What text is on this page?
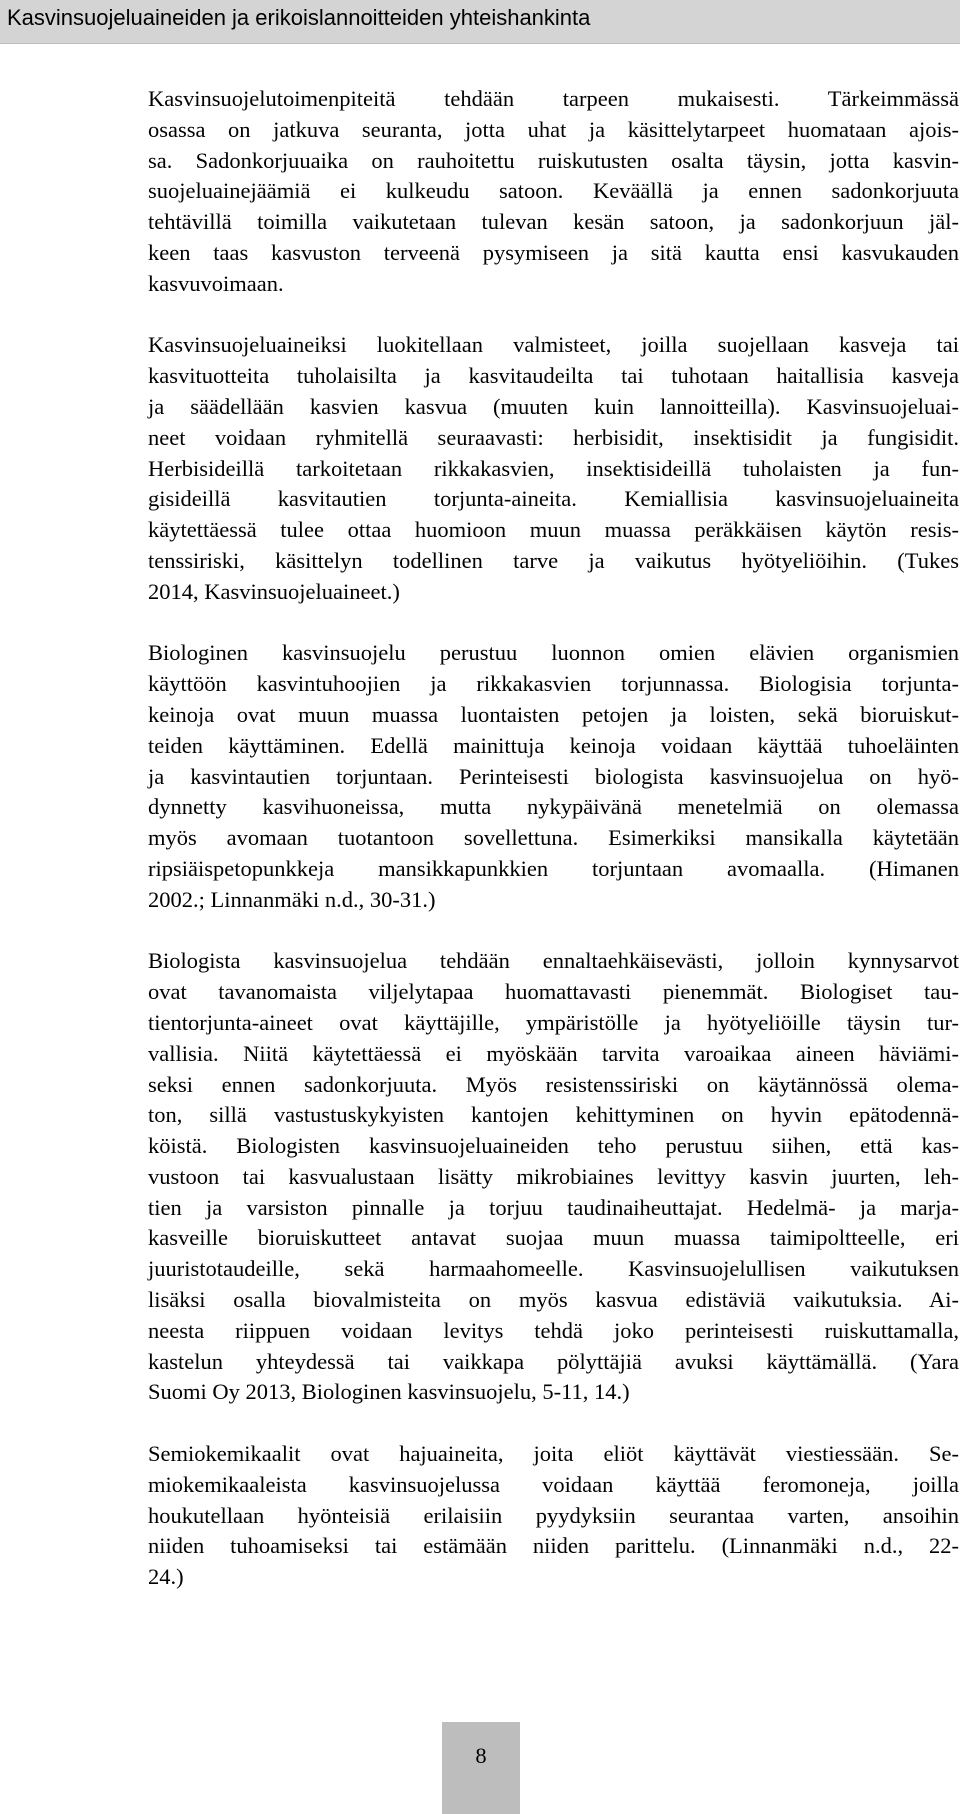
Kasvinsuojeluaineiden ja erikoislannoitteiden yhteishankinta
Kasvinsuojelutoimenpiteitä tehdään tarpeen mukaisesti. Tärkeimmässä
osassa on jatkuva seuranta, jotta uhat ja käsittelytarpeet huomataan ajois-
sa. Sadonkorjuuaika on rauhoitettu ruiskutusten osalta täysin, jotta kasvin-
suojeluainejäämiä ei kulkeudu satoon. Keväällä ja ennen sadonkorjuuta
tehtävillä toimilla vaikutetaan tulevan kesän satoon, ja sadonkorjuun jäl-
keen taas kasvuston terveenä pysymiseen ja sitä kautta ensi kasvukauden
kasvuvoimaan.
Kasvinsuojeluaineiksi luokitellaan valmisteet, joilla suojellaan kasveja tai
kasvituotteita tuholaisilta ja kasvitaudeilta tai tuhotaan haitallisia kasveja
ja säädellään kasvien kasvua (muuten kuin lannoitteilla). Kasvinsuojeluai-
neet voidaan ryhmitellä seuraavasti: herbisidit, insektisidit ja fungisidit.
Herbisideillä tarkoitetaan rikkakasvien, insektisideillä tuholaisten ja fun-
gisideillä kasvitautien torjunta-aineita. Kemiallisia kasvinsuojeluaineita
käytettäessä tulee ottaa huomioon muun muassa peräkkäisen käytön resis-
tenssiriski, käsittelyn todellinen tarve ja vaikutus hyötyeliöihin. (Tukes
2014, Kasvinsuojeluaineet.)
Biologinen kasvinsuojelu perustuu luonnon omien elävien organismien
käyttöön kasvintuhoojien ja rikkakasvien torjunnassa. Biologisia torjunta-
keinoja ovat muun muassa luontaisten petojen ja loisten, sekä bioruiskut-
teiden käyttäminen. Edellä mainittuja keinoja voidaan käyttää tuhoeläinten
ja kasvintautien torjuntaan. Perinteisesti biologista kasvinsuojelua on hyö-
dynnetty kasvihuoneissa, mutta nykypäivänä menetelmiä on olemassa
myös avomaan tuotantoon sovellettuna. Esimerkiksi mansikalla käytetään
ripsiäispetopunkkeja mansikkapunkkien torjuntaan avomaalla. (Himanen
2002.; Linnanmäki n.d., 30-31.)
Biologista kasvinsuojelua tehdään ennaltaehkäisevästi, jolloin kynnysarvot
ovat tavanomaista viljelytapaa huomattavasti pienemmät. Biologiset tau-
tientorjunta-aineet ovat käyttäjille, ympäristölle ja hyötyeliöille täysin tur-
vallisia. Niitä käytettäessä ei myöskään tarvita varoaikaa aineen häviämi-
seksi ennen sadonkorjuuta. Myös resistenssiriski on käytännössä olema-
ton, sillä vastustuskykyisten kantojen kehittyminen on hyvin epätodennä-
köistä. Biologisten kasvinsuojeluaineiden teho perustuu siihen, että kas-
vustoon tai kasvualustaan lisätty mikrobiaines levittyy kasvin juurten, leh-
tien ja varsiston pinnalle ja torjuu taudinaiheuttajat. Hedelmä- ja marja-
kasveille bioruiskutteet antavat suojaa muun muassa taimipoltteelle, eri
juuristotaudeille, sekä harmaahomeelle. Kasvinsuojelullisen vaikutuksen
lisäksi osalla biovalmisteita on myös kasvua edistäviä vaikutuksia. Ai-
neesta riippuen voidaan levitys tehdä joko perinteisesti ruiskuttamalla,
kastelun yhteydessä tai vaikkapa pölyttäjiä avuksi käyttämällä. (Yara
Suomi Oy 2013, Biologinen kasvinsuojelu, 5-11, 14.)
Semiokemikaalit ovat hajuaineita, joita eliöt käyttävät viestiessään. Se-
miokemikaaleista kasvinsuojelussa voidaan käyttää feromoneja, joilla
houkutellaan hyönteisiä erilaisiin pyydyksiin seurantaa varten, ansoihin
niiden tuhoamiseksi tai estämään niiden parittelu. (Linnanmäki n.d., 22-
24.)
8
